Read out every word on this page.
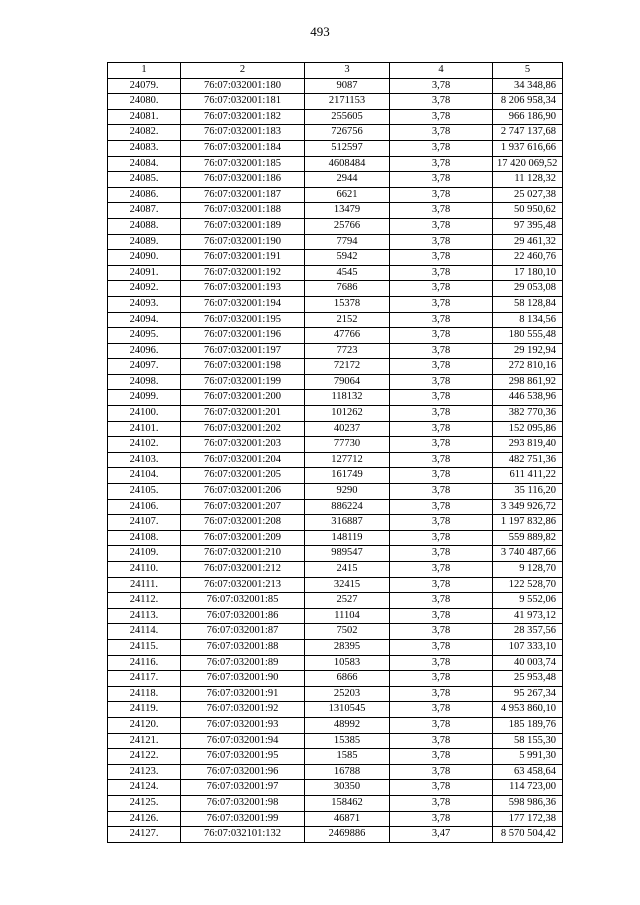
493
1	2	3	4	5
24079.	76:07:032001:180	9087	3,78	34 348,86
24080.	76:07:032001:181	2171153	3,78	8 206 958,34
24081.	76:07:032001:182	255605	3,78	966 186,90
24082.	76:07:032001:183	726756	3,78	2 747 137,68
24083.	76:07:032001:184	512597	3,78	1 937 616,66
24084.	76:07:032001:185	4608484	3,78	17 420 069,52
24085.	76:07:032001:186	2944	3,78	11 128,32
24086.	76:07:032001:187	6621	3,78	25 027,38
24087.	76:07:032001:188	13479	3,78	50 950,62
24088.	76:07:032001:189	25766	3,78	97 395,48
24089.	76:07:032001:190	7794	3,78	29 461,32
24090.	76:07:032001:191	5942	3,78	22 460,76
24091.	76:07:032001:192	4545	3,78	17 180,10
24092.	76:07:032001:193	7686	3,78	29 053,08
24093.	76:07:032001:194	15378	3,78	58 128,84
24094.	76:07:032001:195	2152	3,78	8 134,56
24095.	76:07:032001:196	47766	3,78	180 555,48
24096.	76:07:032001:197	7723	3,78	29 192,94
24097.	76:07:032001:198	72172	3,78	272 810,16
24098.	76:07:032001:199	79064	3,78	298 861,92
24099.	76:07:032001:200	118132	3,78	446 538,96
24100.	76:07:032001:201	101262	3,78	382 770,36
24101.	76:07:032001:202	40237	3,78	152 095,86
24102.	76:07:032001:203	77730	3,78	293 819,40
24103.	76:07:032001:204	127712	3,78	482 751,36
24104.	76:07:032001:205	161749	3,78	611 411,22
24105.	76:07:032001:206	9290	3,78	35 116,20
24106.	76:07:032001:207	886224	3,78	3 349 926,72
24107.	76:07:032001:208	316887	3,78	1 197 832,86
24108.	76:07:032001:209	148119	3,78	559 889,82
24109.	76:07:032001:210	989547	3,78	3 740 487,66
24110.	76:07:032001:212	2415	3,78	9 128,70
24111.	76:07:032001:213	32415	3,78	122 528,70
24112.	76:07:032001:85	2527	3,78	9 552,06
24113.	76:07:032001:86	11104	3,78	41 973,12
24114.	76:07:032001:87	7502	3,78	28 357,56
24115.	76:07:032001:88	28395	3,78	107 333,10
24116.	76:07:032001:89	10583	3,78	40 003,74
24117.	76:07:032001:90	6866	3,78	25 953,48
24118.	76:07:032001:91	25203	3,78	95 267,34
24119.	76:07:032001:92	1310545	3,78	4 953 860,10
24120.	76:07:032001:93	48992	3,78	185 189,76
24121.	76:07:032001:94	15385	3,78	58 155,30
24122.	76:07:032001:95	1585	3,78	5 991,30
24123.	76:07:032001:96	16788	3,78	63 458,64
24124.	76:07:032001:97	30350	3,78	114 723,00
24125.	76:07:032001:98	158462	3,78	598 986,36
24126.	76:07:032001:99	46871	3,78	177 172,38
24127.	76:07:032101:132	2469886	3,47	8 570 504,42
